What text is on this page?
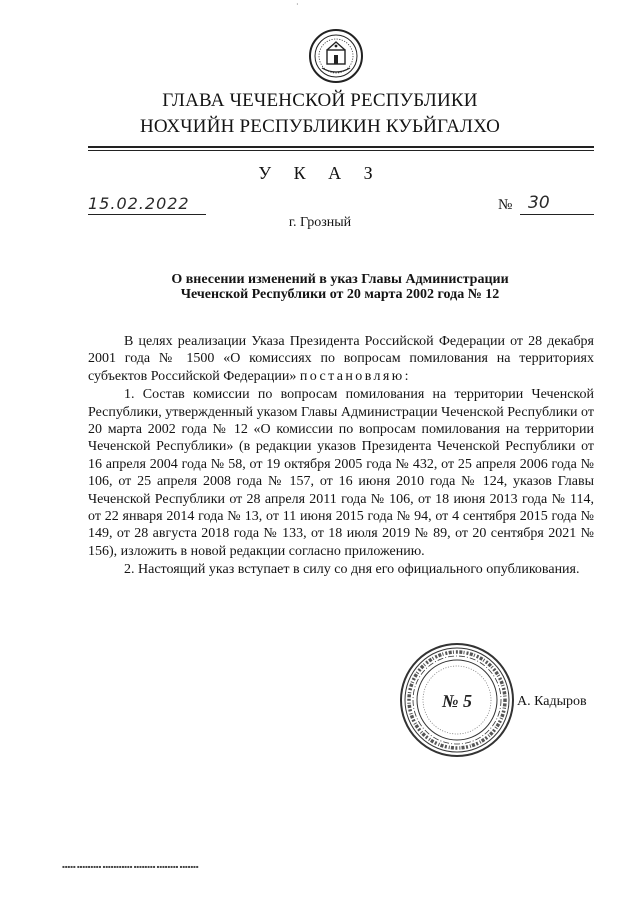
·
ГЛАВА ЧЕЧЕНСКОЙ РЕСПУБЛИКИ
НОХЧИЙН РЕСПУБЛИКИН КУЬЙГАЛХО
У К А З
15.02.2022	№ 30
г. Грозный
О внесении изменений в указ Главы Администрации
Чеченской Республики от 20 марта 2002 года № 12

В целях реализации Указа Президента Российской Федерации от 28 декабря 2001 года № 1500 «О комиссиях по вопросам помилования на территориях субъектов Российской Федерации» постановляю:

1. Состав комиссии по вопросам помилования на территории Чеченской Республики, утвержденный указом Главы Администрации Чеченской Республики от 20 марта 2002 года № 12 «О комиссии по вопросам помилования на территории Чеченской Республики» (в редакции указов Президента Чеченской Республики от 16 апреля 2004 года № 58, от 19 октября 2005 года № 432, от 25 апреля 2006 года № 106, от 25 апреля 2008 года № 157, от 16 июня 2010 года № 124, указов Главы Чеченской Республики от 28 апреля 2011 года № 106, от 18 июня 2013 года № 114, от 22 января 2014 года № 13, от 11 июня 2015 года № 94, от 4 сентября 2015 года № 149, от 28 августа 2018 года № 133, от 18 июля 2019 № 89, от 20 сентября 2021 № 156), изложить в новой редакции согласно приложению.

2. Настоящий указ вступает в силу со дня его официального опубликования.

№ 5	А. Кадыров
▪▪▪▪▪ ▪▪▪▪▪▪▪▪▪ ▪▪▪▪▪▪▪▪▪▪▪ ▪▪▪▪▪▪▪▪ ▪▪▪▪▪▪▪▪ ▪▪▪▪▪▪▪
